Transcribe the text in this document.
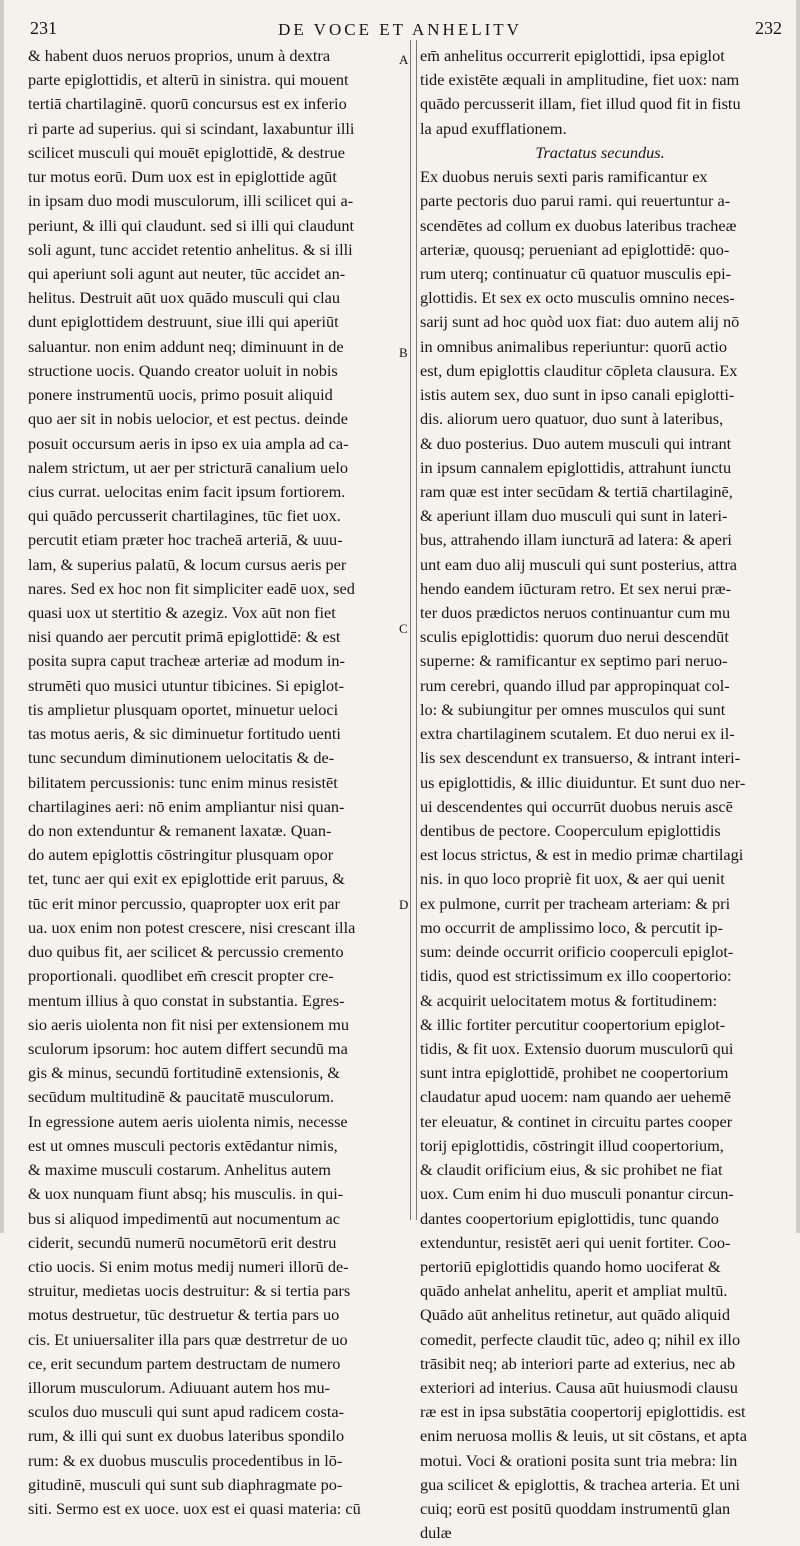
231	DE VOCE ET ANHELITV	232
A
B
C
D

& habent duos neruos proprios, unum à dextra

parte epiglottidis, et alterū in sinistra. qui mouent

tertiā chartilaginē. quorū concursus est ex inferio

ri parte ad superius. qui si scindant, laxabuntur illi

scilicet musculi qui mouēt epiglottidē, & destrue

tur motus eorū. Dum uox est in epiglottide agūt

in ipsam duo modi musculorum, illi scilicet qui a-

periunt, & illi qui claudunt. sed si illi qui claudunt

soli agunt, tunc accidet retentio anhelitus. & si illi

qui aperiunt soli agunt aut neuter, tūc accidet an-

helitus. Destruit aūt uox quādo musculi qui clau

dunt epiglottidem destruunt, siue illi qui aperiūt

saluantur. non enim addunt neq; diminuunt in de

structione uocis. Quando creator uoluit in nobis

ponere instrumentū uocis, primo posuit aliquid

quo aer sit in nobis uelocior, et est pectus. deinde

posuit occursum aeris in ipso ex uia ampla ad ca-

nalem strictum, ut aer per stricturā canalium uelo

cius currat. uelocitas enim facit ipsum fortiorem.

qui quādo percusserit chartilagines, tūc fiet uox.

percutit etiam præter hoc tracheā arteriā, & uuu-

lam, & superius palatū, & locum cursus aeris per

nares. Sed ex hoc non fit simpliciter eadē uox, sed

quasi uox ut stertitio & azegiz. Vox aūt non fiet

nisi quando aer percutit primā epiglottidē: & est

posita supra caput tracheæ arteriæ ad modum in-

strumēti quo musici utuntur tibicines. Si epiglot-

tis amplietur plusquam oportet, minuetur ueloci

tas motus aeris, & sic diminuetur fortitudo uenti

tunc secundum diminutionem uelocitatis & de-

bilitatem percussionis: tunc enim minus resistēt

chartilagines aeri: nō enim ampliantur nisi quan-

do non extenduntur & remanent laxatæ. Quan-

do autem epiglottis cōstringitur plusquam opor

tet, tunc aer qui exit ex epiglottide erit paruus, &

tūc erit minor percussio, quapropter uox erit par

ua. uox enim non potest crescere, nisi crescant illa

duo quibus fit, aer scilicet & percussio cremento

proportionali. quodlibet em̄ crescit propter cre-

mentum illius à quo constat in substantia. Egres-

sio aeris uiolenta non fit nisi per extensionem mu

sculorum ipsorum: hoc autem differt secundū ma

gis & minus, secundū fortitudinē extensionis, &

secūdum multitudinē & paucitatē musculorum.

In egressione autem aeris uiolenta nimis, necesse

est ut omnes musculi pectoris extēdantur nimis,

& maxime musculi costarum. Anhelitus autem

& uox nunquam fiunt absq; his musculis. in qui-

bus si aliquod impedimentū aut nocumentum ac

ciderit, secundū numerū nocumētorū erit destru

ctio uocis. Si enim motus medij numeri illorū de-

struitur, medietas uocis destruitur: & si tertia pars

motus destruetur, tūc destruetur & tertia pars uo

cis. Et uniuersaliter illa pars quæ destrretur de uo

ce, erit secundum partem destructam de numero

illorum musculorum. Adiuuant autem hos mu-

sculos duo musculi qui sunt apud radicem costa-

rum, & illi qui sunt ex duobus lateribus spondilo

rum: & ex duobus musculis procedentibus in lō-

gitudinē, musculi qui sunt sub diaphragmate po-

siti. Sermo est ex uoce. uox est ei quasi materia: cū

em̄ anhelitus occurrerit epiglottidi, ipsa epiglot

tide existēte æquali in amplitudine, fiet uox: nam

quādo percusserit illam, fiet illud quod fit in fistu

la apud exufflationem.

Tractatus secundus.

Ex duobus neruis sexti paris ramificantur ex

parte pectoris duo parui rami. qui reuertuntur a-

scendētes ad collum ex duobus lateribus tracheæ

arteriæ, quousq; perueniant ad epiglottidē: quo-

rum uterq; continuatur cū quatuor musculis epi-

glottidis. Et sex ex octo musculis omnino neces-

sarij sunt ad hoc quòd uox fiat: duo autem alij nō

in omnibus animalibus reperiuntur: quorū actio

est, dum epiglottis clauditur cōpleta clausura. Ex

istis autem sex, duo sunt in ipso canali epiglotti-

dis. aliorum uero quatuor, duo sunt à lateribus,

& duo posterius. Duo autem musculi qui intrant

in ipsum cannalem epiglottidis, attrahunt iunctu

ram quæ est inter secūdam & tertiā chartilaginē,

& aperiunt illam duo musculi qui sunt in lateri-

bus, attrahendo illam iuncturā ad latera: & aperi

unt eam duo alij musculi qui sunt posterius, attra

hendo eandem iūcturam retro. Et sex nerui præ-

ter duos prædictos neruos continuantur cum mu

sculis epiglottidis: quorum duo nerui descendūt

superne: & ramificantur ex septimo pari neruo-

rum cerebri, quando illud par appropinquat col-

lo: & subiungitur per omnes musculos qui sunt

extra chartilaginem scutalem. Et duo nerui ex il-

lis sex descendunt ex transuerso, & intrant interi-

us epiglottidis, & illic diuiduntur. Et sunt duo ner-

ui descendentes qui occurrūt duobus neruis ascē

dentibus de pectore. Cooperculum epiglottidis

est locus strictus, & est in medio primæ chartilagi

nis. in quo loco propriè fit uox, & aer qui uenit

ex pulmone, currit per tracheam arteriam: & pri

mo occurrit de amplissimo loco, & percutit ip-

sum: deinde occurrit orificio cooperculi epiglot-

tidis, quod est strictissimum ex illo coopertorio:

& acquirit uelocitatem motus & fortitudinem:

& illic fortiter percutitur coopertorium epiglot-

tidis, & fit uox. Extensio duorum musculorū qui

sunt intra epiglottidē, prohibet ne coopertorium

claudatur apud uocem: nam quando aer uehemē

ter eleuatur, & continet in circuitu partes cooper

torij epiglottidis, cōstringit illud coopertorium,

& claudit orificium eius, & sic prohibet ne fiat

uox. Cum enim hi duo musculi ponantur circun-

dantes coopertorium epiglottidis, tunc quando

extenduntur, resistēt aeri qui uenit fortiter. Coo-

pertoriū epiglottidis quando homo uociferat &

quādo anhelat anhelitu, aperit et ampliat multū.

Quādo aūt anhelitus retinetur, aut quādo aliquid

comedit, perfecte claudit tūc, adeo q; nihil ex illo

trāsibit neq; ab interiori parte ad exterius, nec ab

exteriori ad interius. Causa aūt huiusmodi clausu

ræ est in ipsa substātia coopertorij epiglottidis. est

enim neruosa mollis & leuis, ut sit cōstans, et apta

motui. Voci & orationi posita sunt tria mebra: lin

gua scilicet & epiglottis, & trachea arteria. Et uni

cuiq; eorū est positū quoddam instrumentū glan

dulæ
